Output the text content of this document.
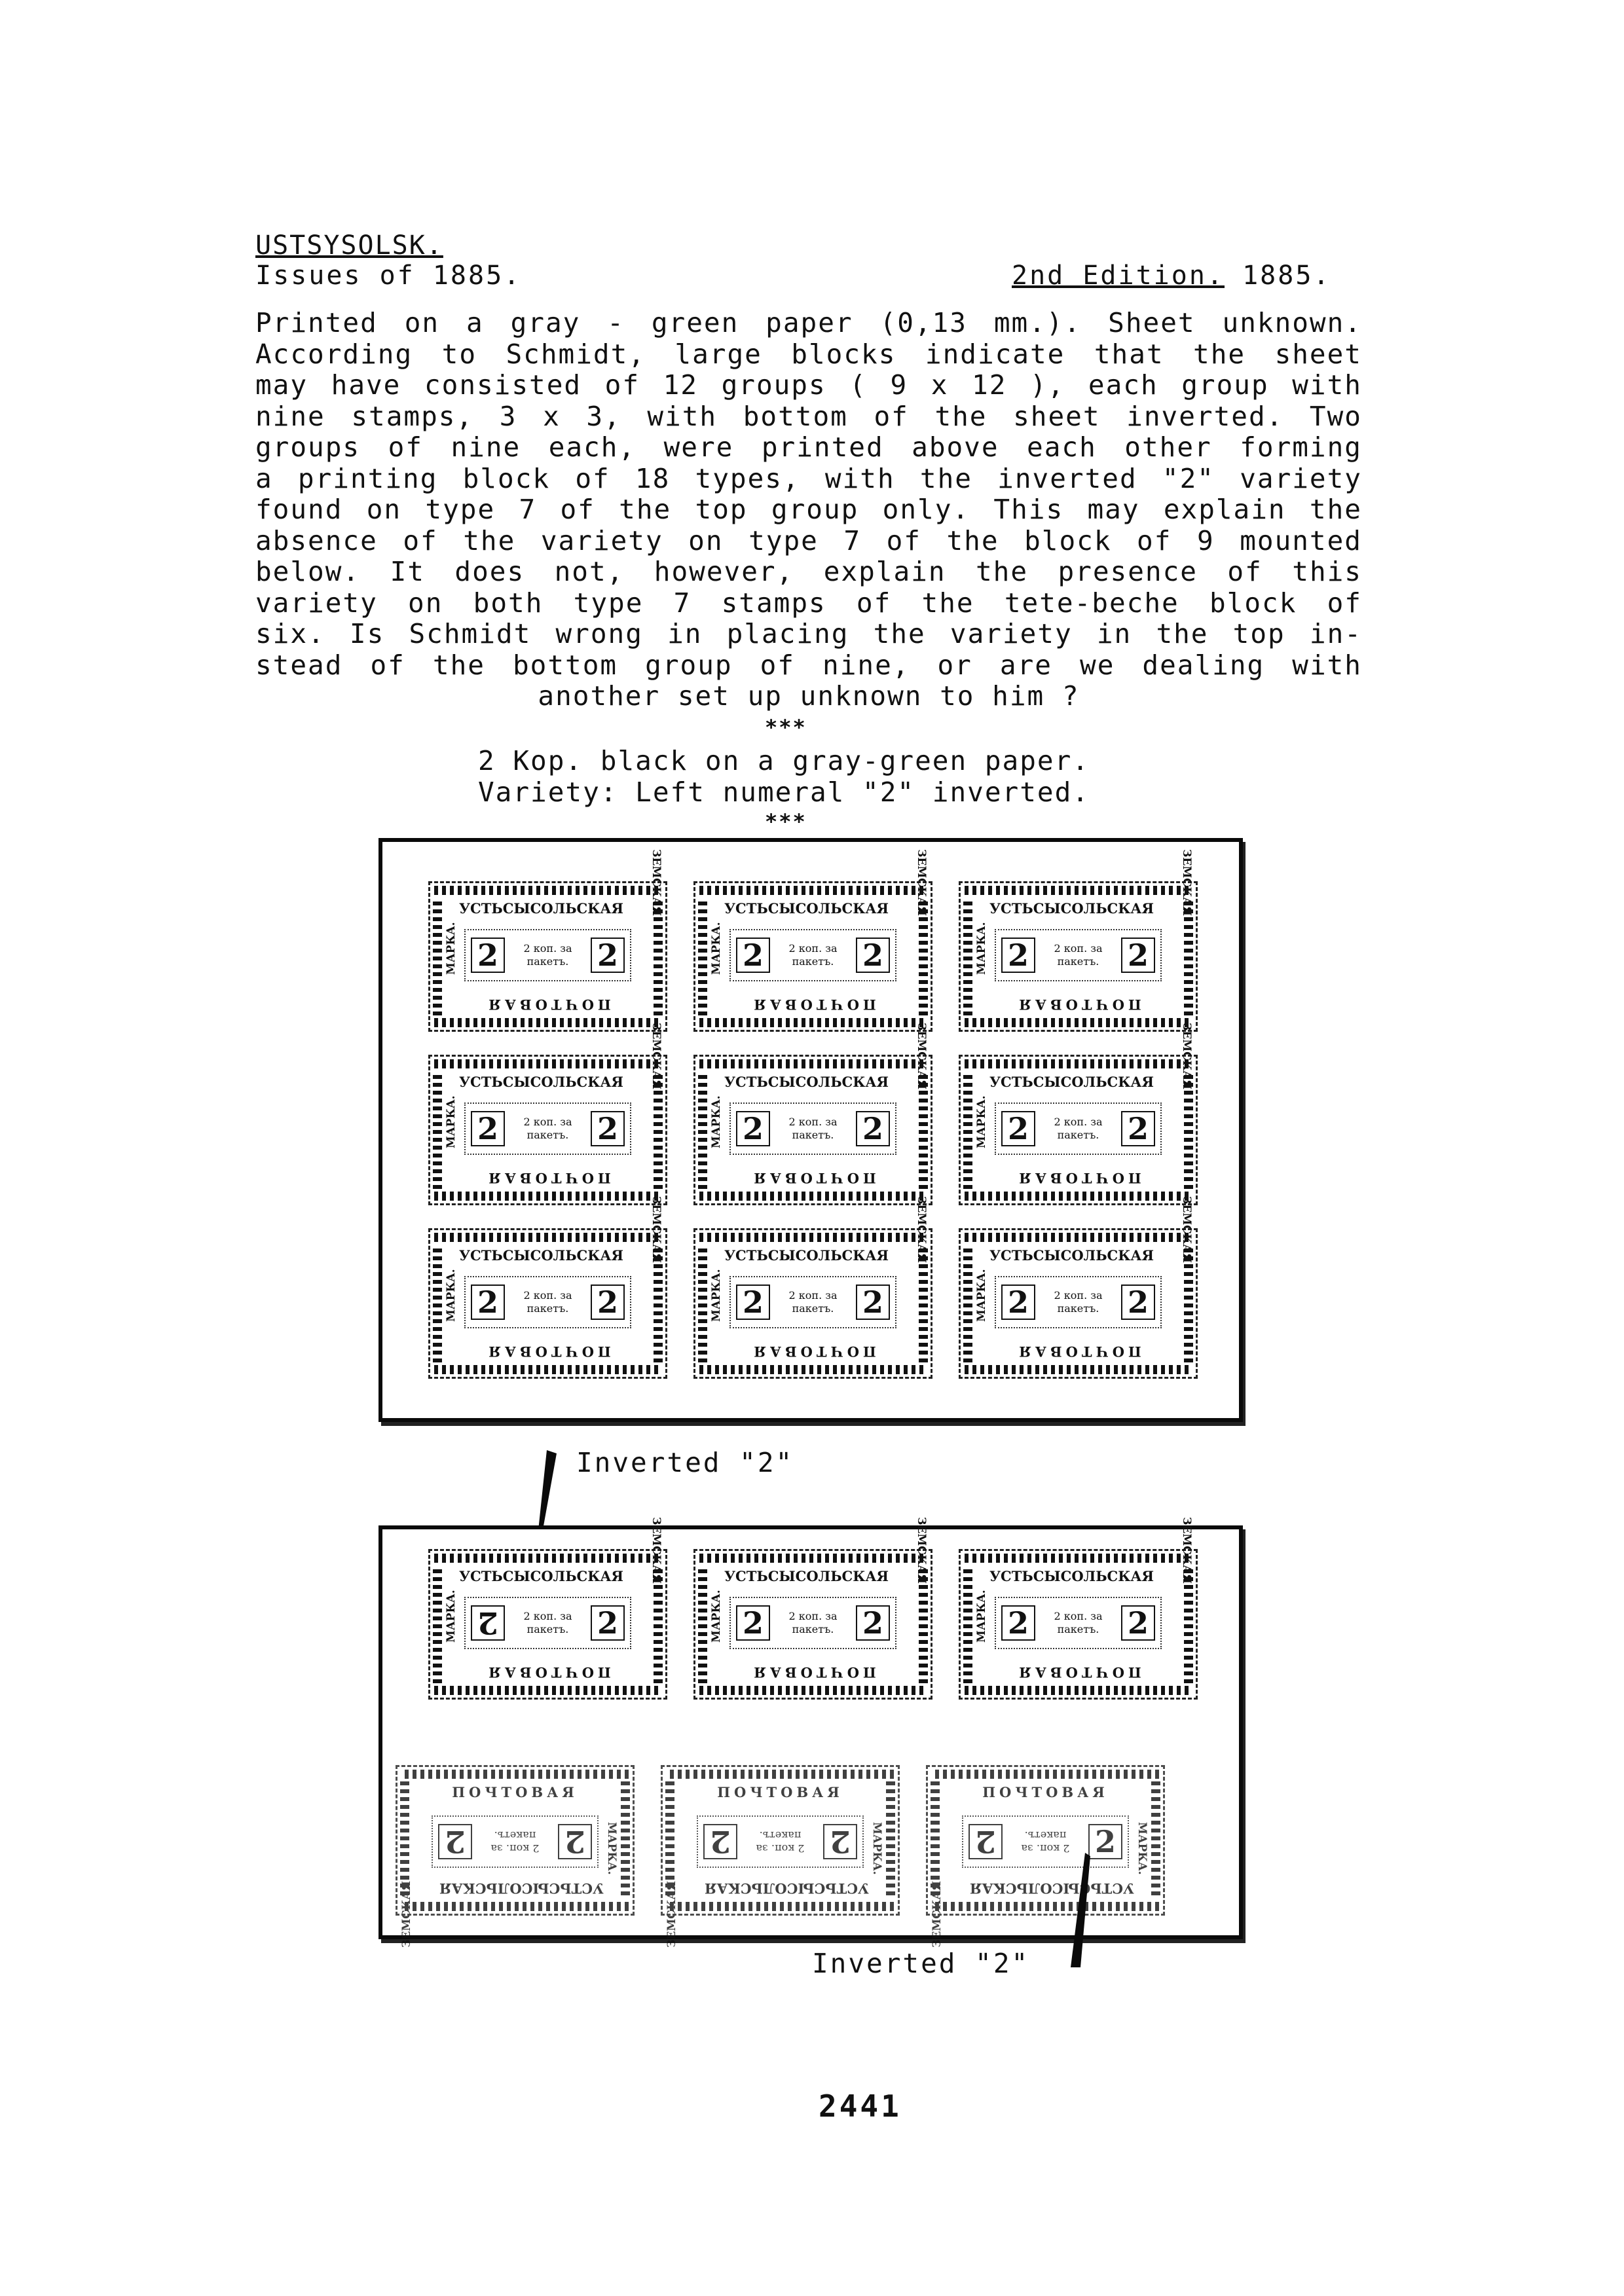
USTSYSOLSK.
Issues of 1885.	2nd Edition. 1885.
Printed on a gray - green paper (0,13 mm.). Sheet unknown.
According to Schmidt, large blocks indicate that the sheet
may have consisted of 12 groups ( 9 x 12 ), each group with
nine stamps, 3 x 3, with bottom of the sheet inverted. Two
groups of nine each, were printed above each other forming
a printing block of 18 types, with the inverted "2" variety
found on type 7 of the top group only. This may explain the
absence of the variety on type 7 of the block of 9 mounted
below. It does not, however, explain the presence of this
variety on both type 7 stamps of the tete-beche block of
six. Is Schmidt wrong in placing the variety in the top in-
stead of the bottom group of nine, or are we dealing with
another set up unknown to him ?
***
2 Kop. black on a gray-green paper.
Variety: Left numeral "2" inverted.
***
УСТЬСЫСОЛЬСКАЯ
МАРКА.
ЗЕМСКАЯ
2	2 коп. за
пакетъ. 2
ПОЧТОВАЯ
УСТЬСЫСОЛЬСКАЯ
МАРКА.
ЗЕМСКАЯ
2	2 коп. за
пакетъ. 2
ПОЧТОВАЯ
УСТЬСЫСОЛЬСКАЯ
МАРКА.
ЗЕМСКАЯ
2	2 коп. за
пакетъ. 2
ПОЧТОВАЯ
УСТЬСЫСОЛЬСКАЯ
МАРКА.
ЗЕМСКАЯ
2	2 коп. за
пакетъ. 2
ПОЧТОВАЯ
УСТЬСЫСОЛЬСКАЯ
МАРКА.
ЗЕМСКАЯ
2	2 коп. за
пакетъ. 2
ПОЧТОВАЯ
УСТЬСЫСОЛЬСКАЯ
МАРКА.
ЗЕМСКАЯ
2	2 коп. за
пакетъ. 2
ПОЧТОВАЯ
УСТЬСЫСОЛЬСКАЯ
МАРКА.
ЗЕМСКАЯ
2	2 коп. за
пакетъ. 2
ПОЧТОВАЯ
УСТЬСЫСОЛЬСКАЯ
МАРКА.
ЗЕМСКАЯ
2	2 коп. за
пакетъ. 2
ПОЧТОВАЯ
УСТЬСЫСОЛЬСКАЯ
МАРКА.
ЗЕМСКАЯ
2	2 коп. за
пакетъ. 2
ПОЧТОВАЯ
Inverted "2"
УСТЬСЫСОЛЬСКАЯ
МАРКА.
ЗЕМСКАЯ
2	2 коп. за
пакетъ. 2
ПОЧТОВАЯ
УСТЬСЫСОЛЬСКАЯ
МАРКА.
ЗЕМСКАЯ
2	2 коп. за
пакетъ. 2
ПОЧТОВАЯ
УСТЬСЫСОЛЬСКАЯ
МАРКА.
ЗЕМСКАЯ
2	2 коп. за
пакетъ. 2
ПОЧТОВАЯ
УСТЬСЫСОЛЬСКАЯ
МАРКА.
ЗЕМСКАЯ
2
2 коп. за
пакетъ.
2
ПОЧТОВАЯ
УСТЬСЫСОЛЬСКАЯ
МАРКА.
ЗЕМСКАЯ
2
2 коп. за
пакетъ.
2
ПОЧТОВАЯ
УСТЬСЫСОЛЬСКАЯ
МАРКА.
ЗЕМСКАЯ
2
2 коп. за
пакетъ.
2
ПОЧТОВАЯ
Inverted "2"
2441
